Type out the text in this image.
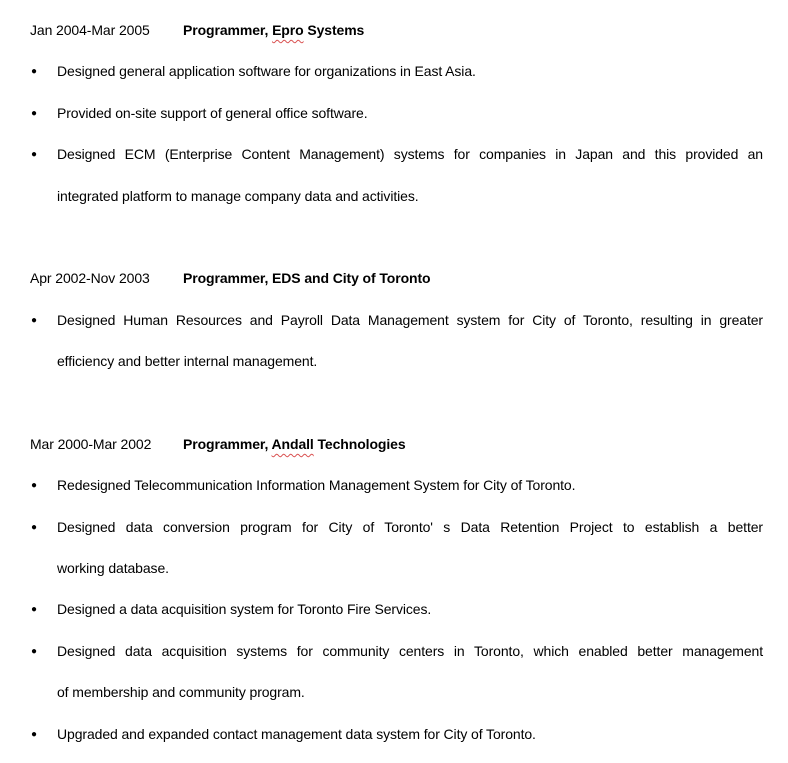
Jan 2004-Mar 2005 Programmer, Epro Systems
● Designed general application software for organizations in East Asia.
● Provided on-site support of general office software.
● Designed ECM (Enterprise Content Management) systems for companies in Japan and this provided an
integrated platform to manage company data and activities.
Apr 2002-Nov 2003 Programmer, EDS and City of Toronto
● Designed Human Resources and Payroll Data Management system for City of Toronto, resulting in greater
efficiency and better internal management.
Mar 2000-Mar 2002 Programmer, Andall Technologies
● Redesigned Telecommunication Information Management System for City of Toronto.
● Designed data conversion program for City of Toronto' s Data Retention Project to establish a better
working database.
● Designed a data acquisition system for Toronto Fire Services.
● Designed data acquisition systems for community centers in Toronto, which enabled better management
of membership and community program.
● Upgraded and expanded contact management data system for City of Toronto.
